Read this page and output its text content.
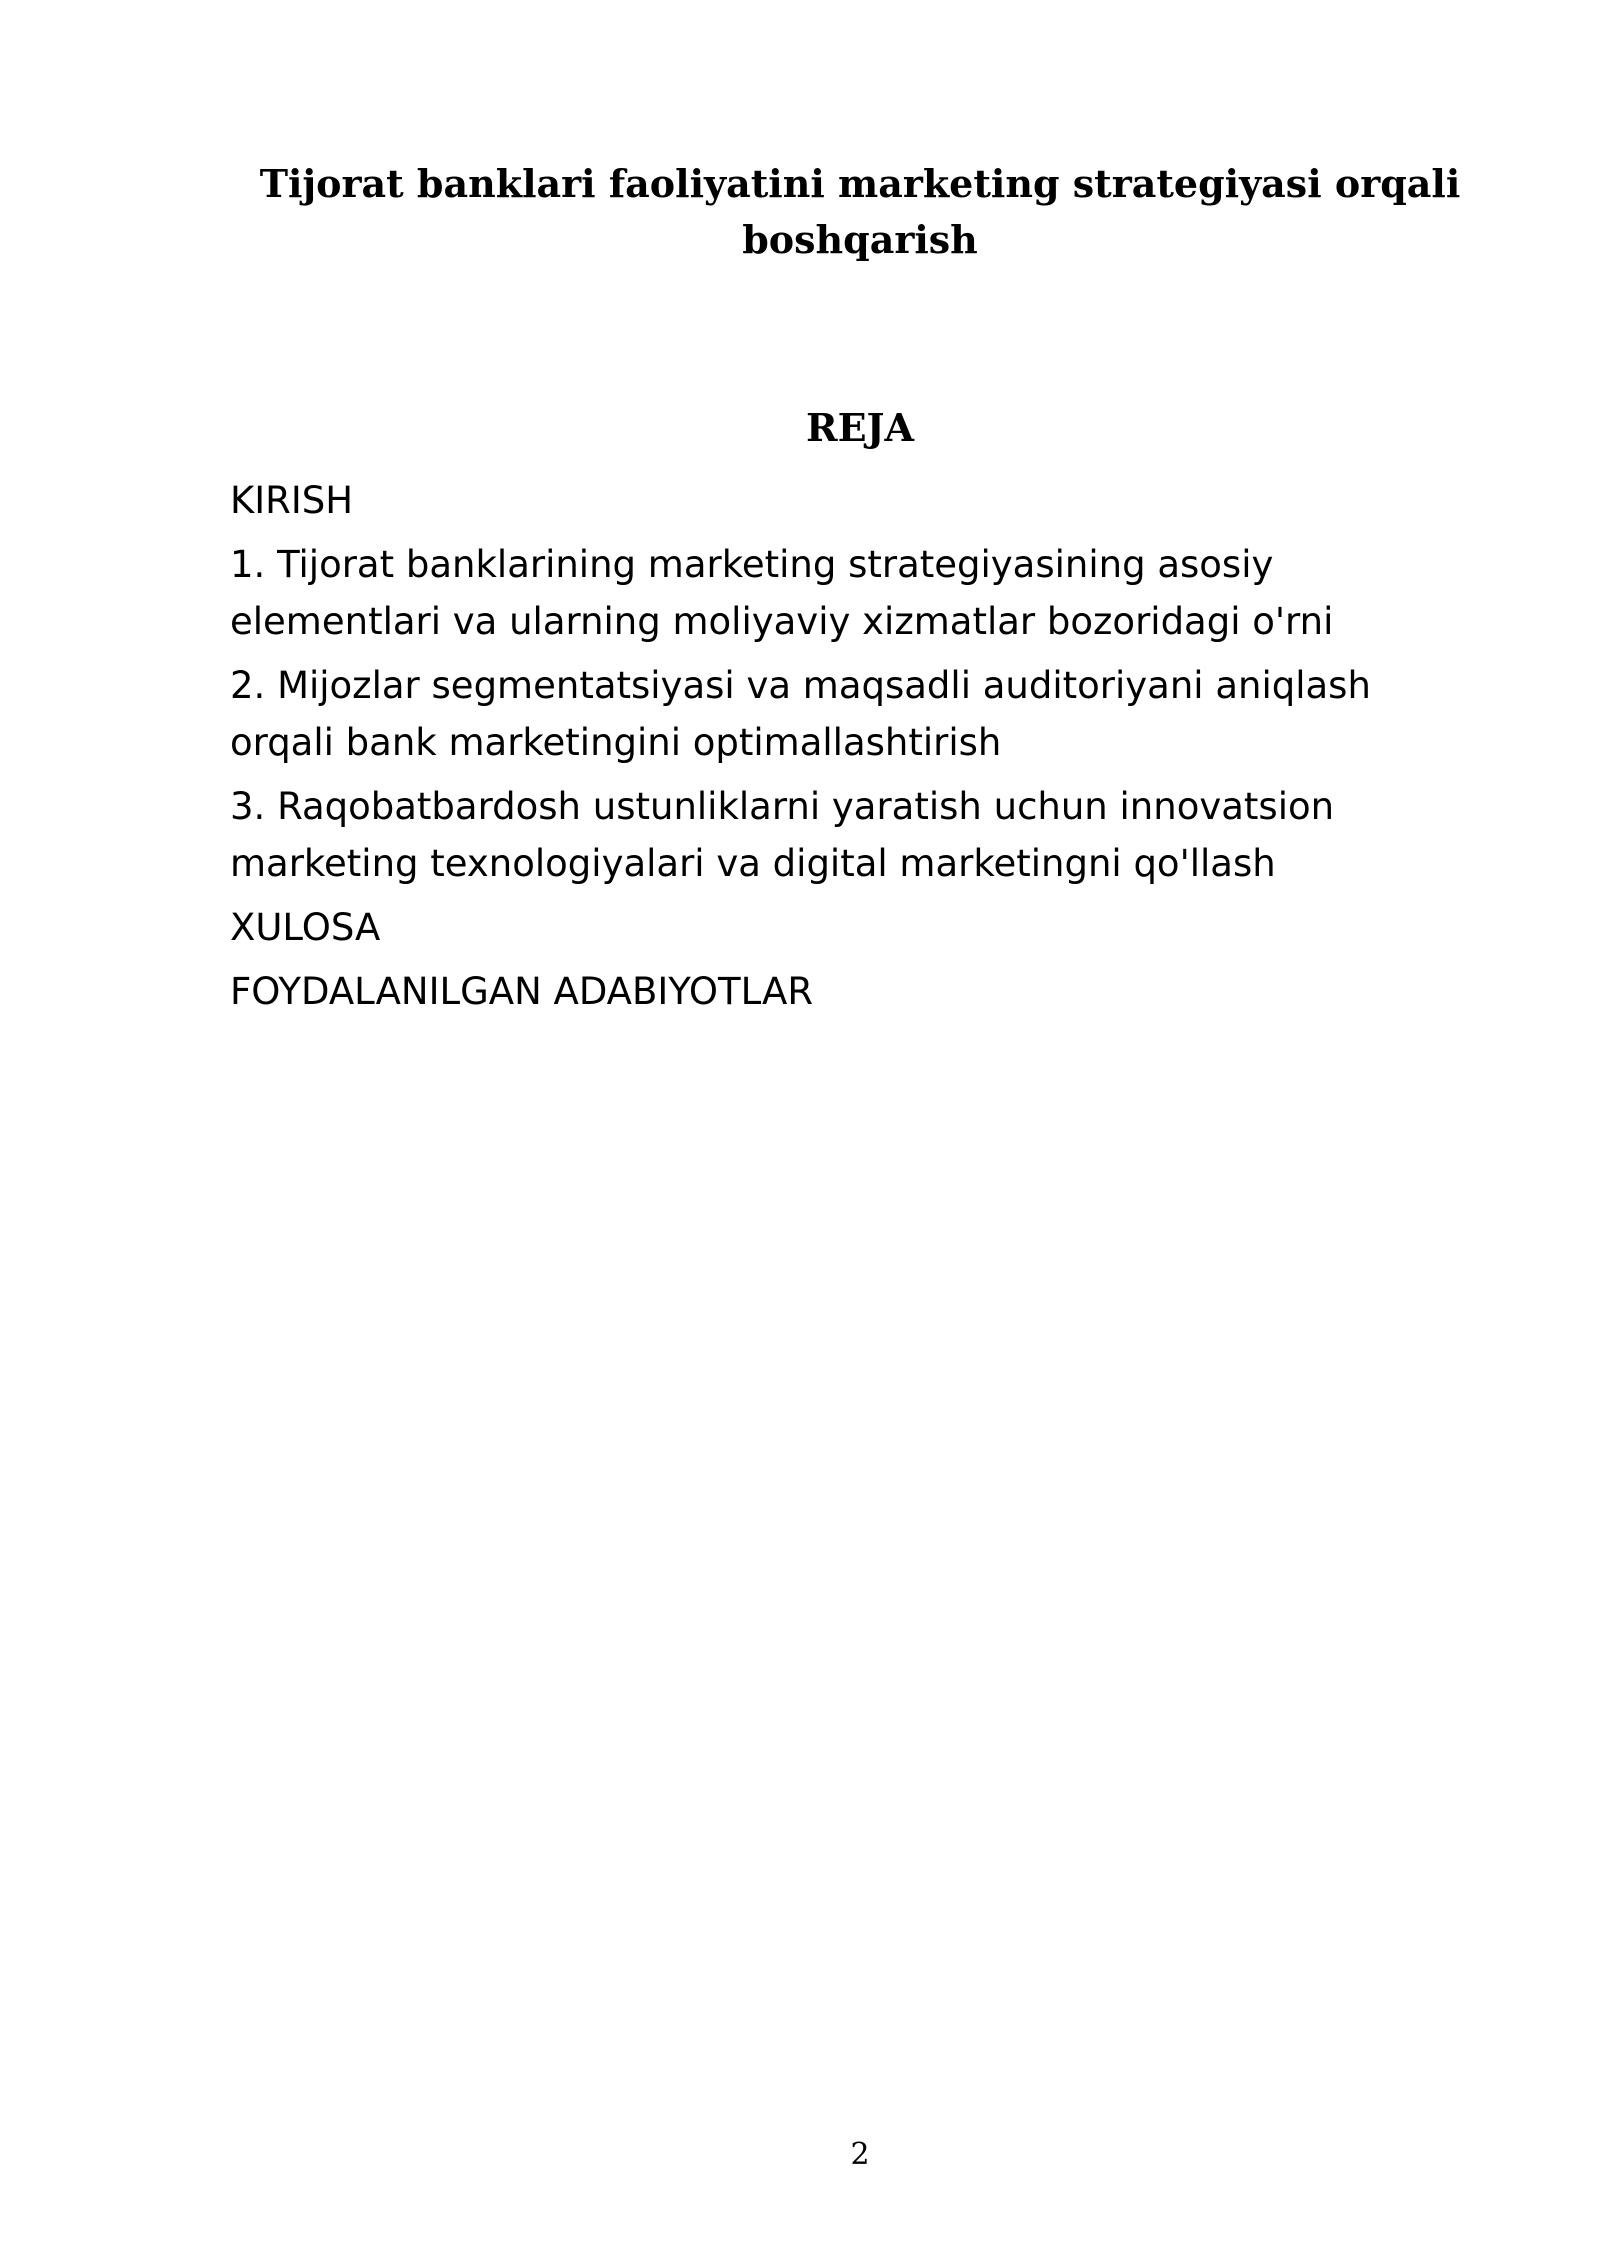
Tijorat banklari faoliyatini marketing strategiyasi orqali boshqarish
REJA
KIRISH
1. Tijorat banklarining marketing strategiyasining asosiy elementlari va ularning moliyaviy xizmatlar bozoridagi o'rni
2. Mijozlar segmentatsiyasi va maqsadli auditoriyani aniqlash orqali bank marketingini optimallashtirish
3. Raqobatbardosh ustunliklarni yaratish uchun innovatsion marketing texnologiyalari va digital marketingni qo'llash
XULOSA
FOYDALANILGAN ADABIYOTLAR
2
